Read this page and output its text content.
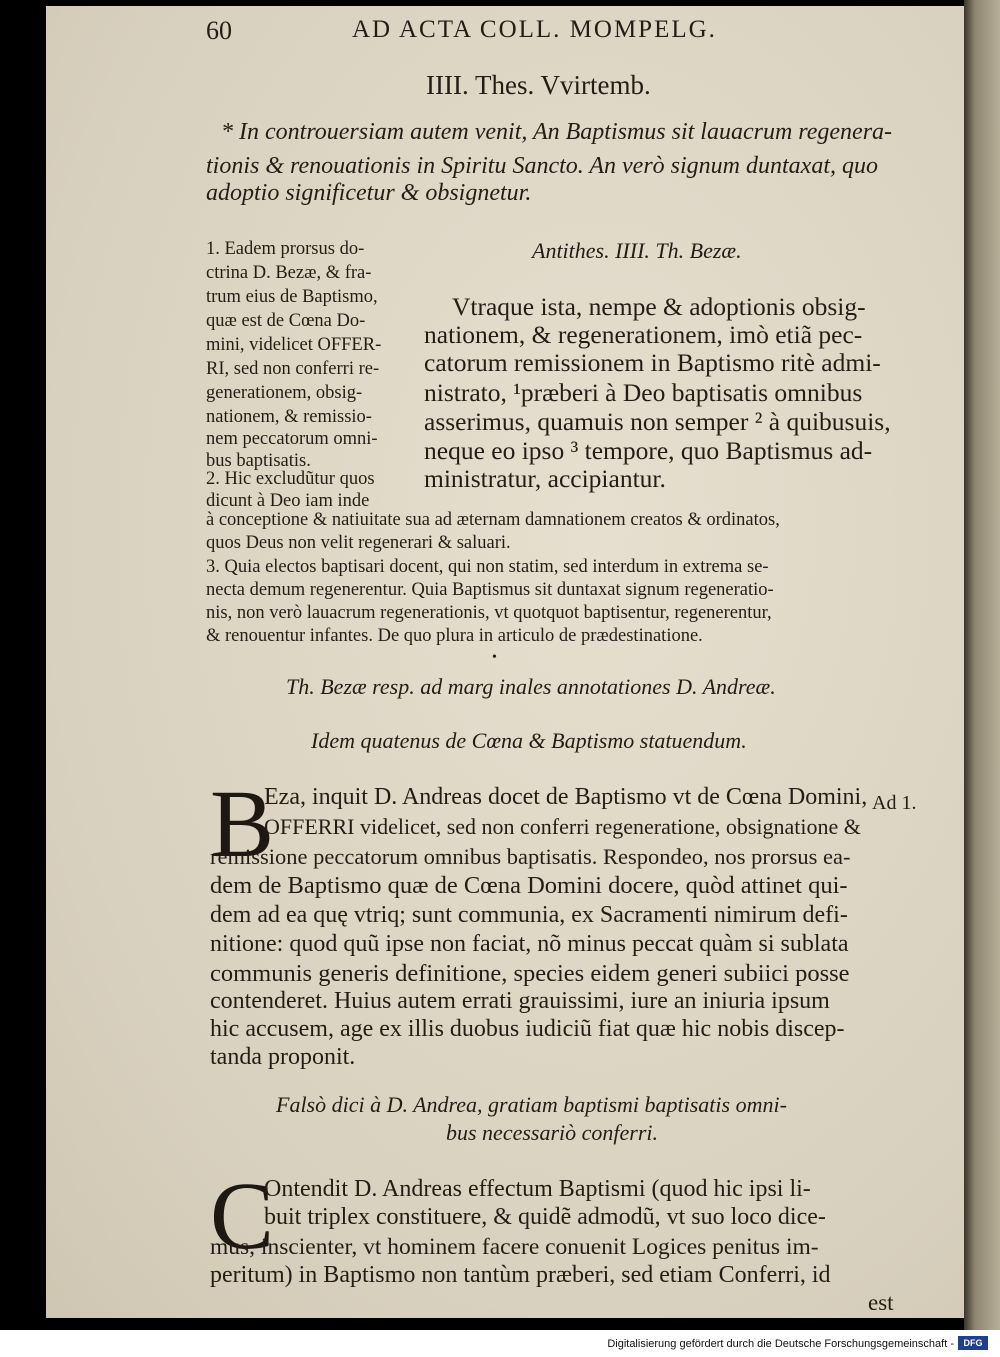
60	AD ACTA COLL. MOMPELG.
IIII. Thes. Vvirtemb.
* In controuersiam autem venit, An Baptismus sit lauacrum regenera-
tionis & renouationis in Spiritu Sancto. An verò signum duntaxat, quo
adoptio significetur & obsignetur.
Antithes. IIII. Th. Bezæ.
1. Eadem prorsus do-
ctrina D. Bezæ, & fra-
trum eius de Baptismo,
quæ est de Cœna Do-
mini, videlicet OFFER-
RI, sed non conferri re-
generationem, obsig-
nationem, & remissio-
nem peccatorum omni-
bus baptisatis.
2. Hic excludũtur quos
dicunt à Deo iam inde
Vtraque ista, nempe & adoptionis obsig-
nationem, & regenerationem, imò etiã pec-
catorum remissionem in Baptismo ritè admi-
nistrato, ¹præberi à Deo baptisatis omnibus
asserimus, quamuis non semper ² à quibusuis,
neque eo ipso ³ tempore, quo Baptismus ad-
ministratur, accipiantur.
à conceptione & natiuitate sua ad æternam damnationem creatos & ordinatos,
quos Deus non velit regenerari & saluari.
3. Quia electos baptisari docent, qui non statim, sed interdum in extrema se-
necta demum regenerentur. Quia Baptismus sit duntaxat signum regeneratio-
nis, non verò lauacrum regenerationis, vt quotquot baptisentur, regenerentur,
& renouentur infantes. De quo plura in articulo de prædestinatione.
•
Th. Bezæ resp. ad marg inales annotationes D. Andreæ.
Idem quatenus de Cœna & Baptismo statuendum.
B
Eza, inquit D. Andreas docet de Baptismo vt de Cœna Domini,
OFFERRI videlicet, sed non conferri regeneratione, obsignatione &
remissione peccatorum omnibus baptisatis. Respondeo, nos prorsus ea-
dem de Baptismo quæ de Cœna Domini docere, quòd attinet qui-
dem ad ea quę vtriq; sunt communia, ex Sacramenti nimirum defi-
nitione: quod quũ ipse non faciat, nõ minus peccat quàm si sublata
communis generis definitione, species eidem generi subiici posse
contenderet. Huius autem errati grauissimi, iure an iniuria ipsum
hic accusem, age ex illis duobus iudiciũ fiat quæ hic nobis discep-
tanda proponit.
Ad 1.
Falsò dici à D. Andrea, gratiam baptismi baptisatis omni-
bus necessariò conferri.
C
Ontendit D. Andreas effectum Baptismi (quod hic ipsi li-
buit triplex constituere, & quidẽ admodũ, vt suo loco dice-
mus, inscienter, vt hominem facere conuenit Logices penitus im-
peritum) in Baptismo non tantùm præberi, sed etiam Conferri, id
est
Digitalisierung gefördert durch die Deutsche Forschungsgemeinschaft -	DFG
